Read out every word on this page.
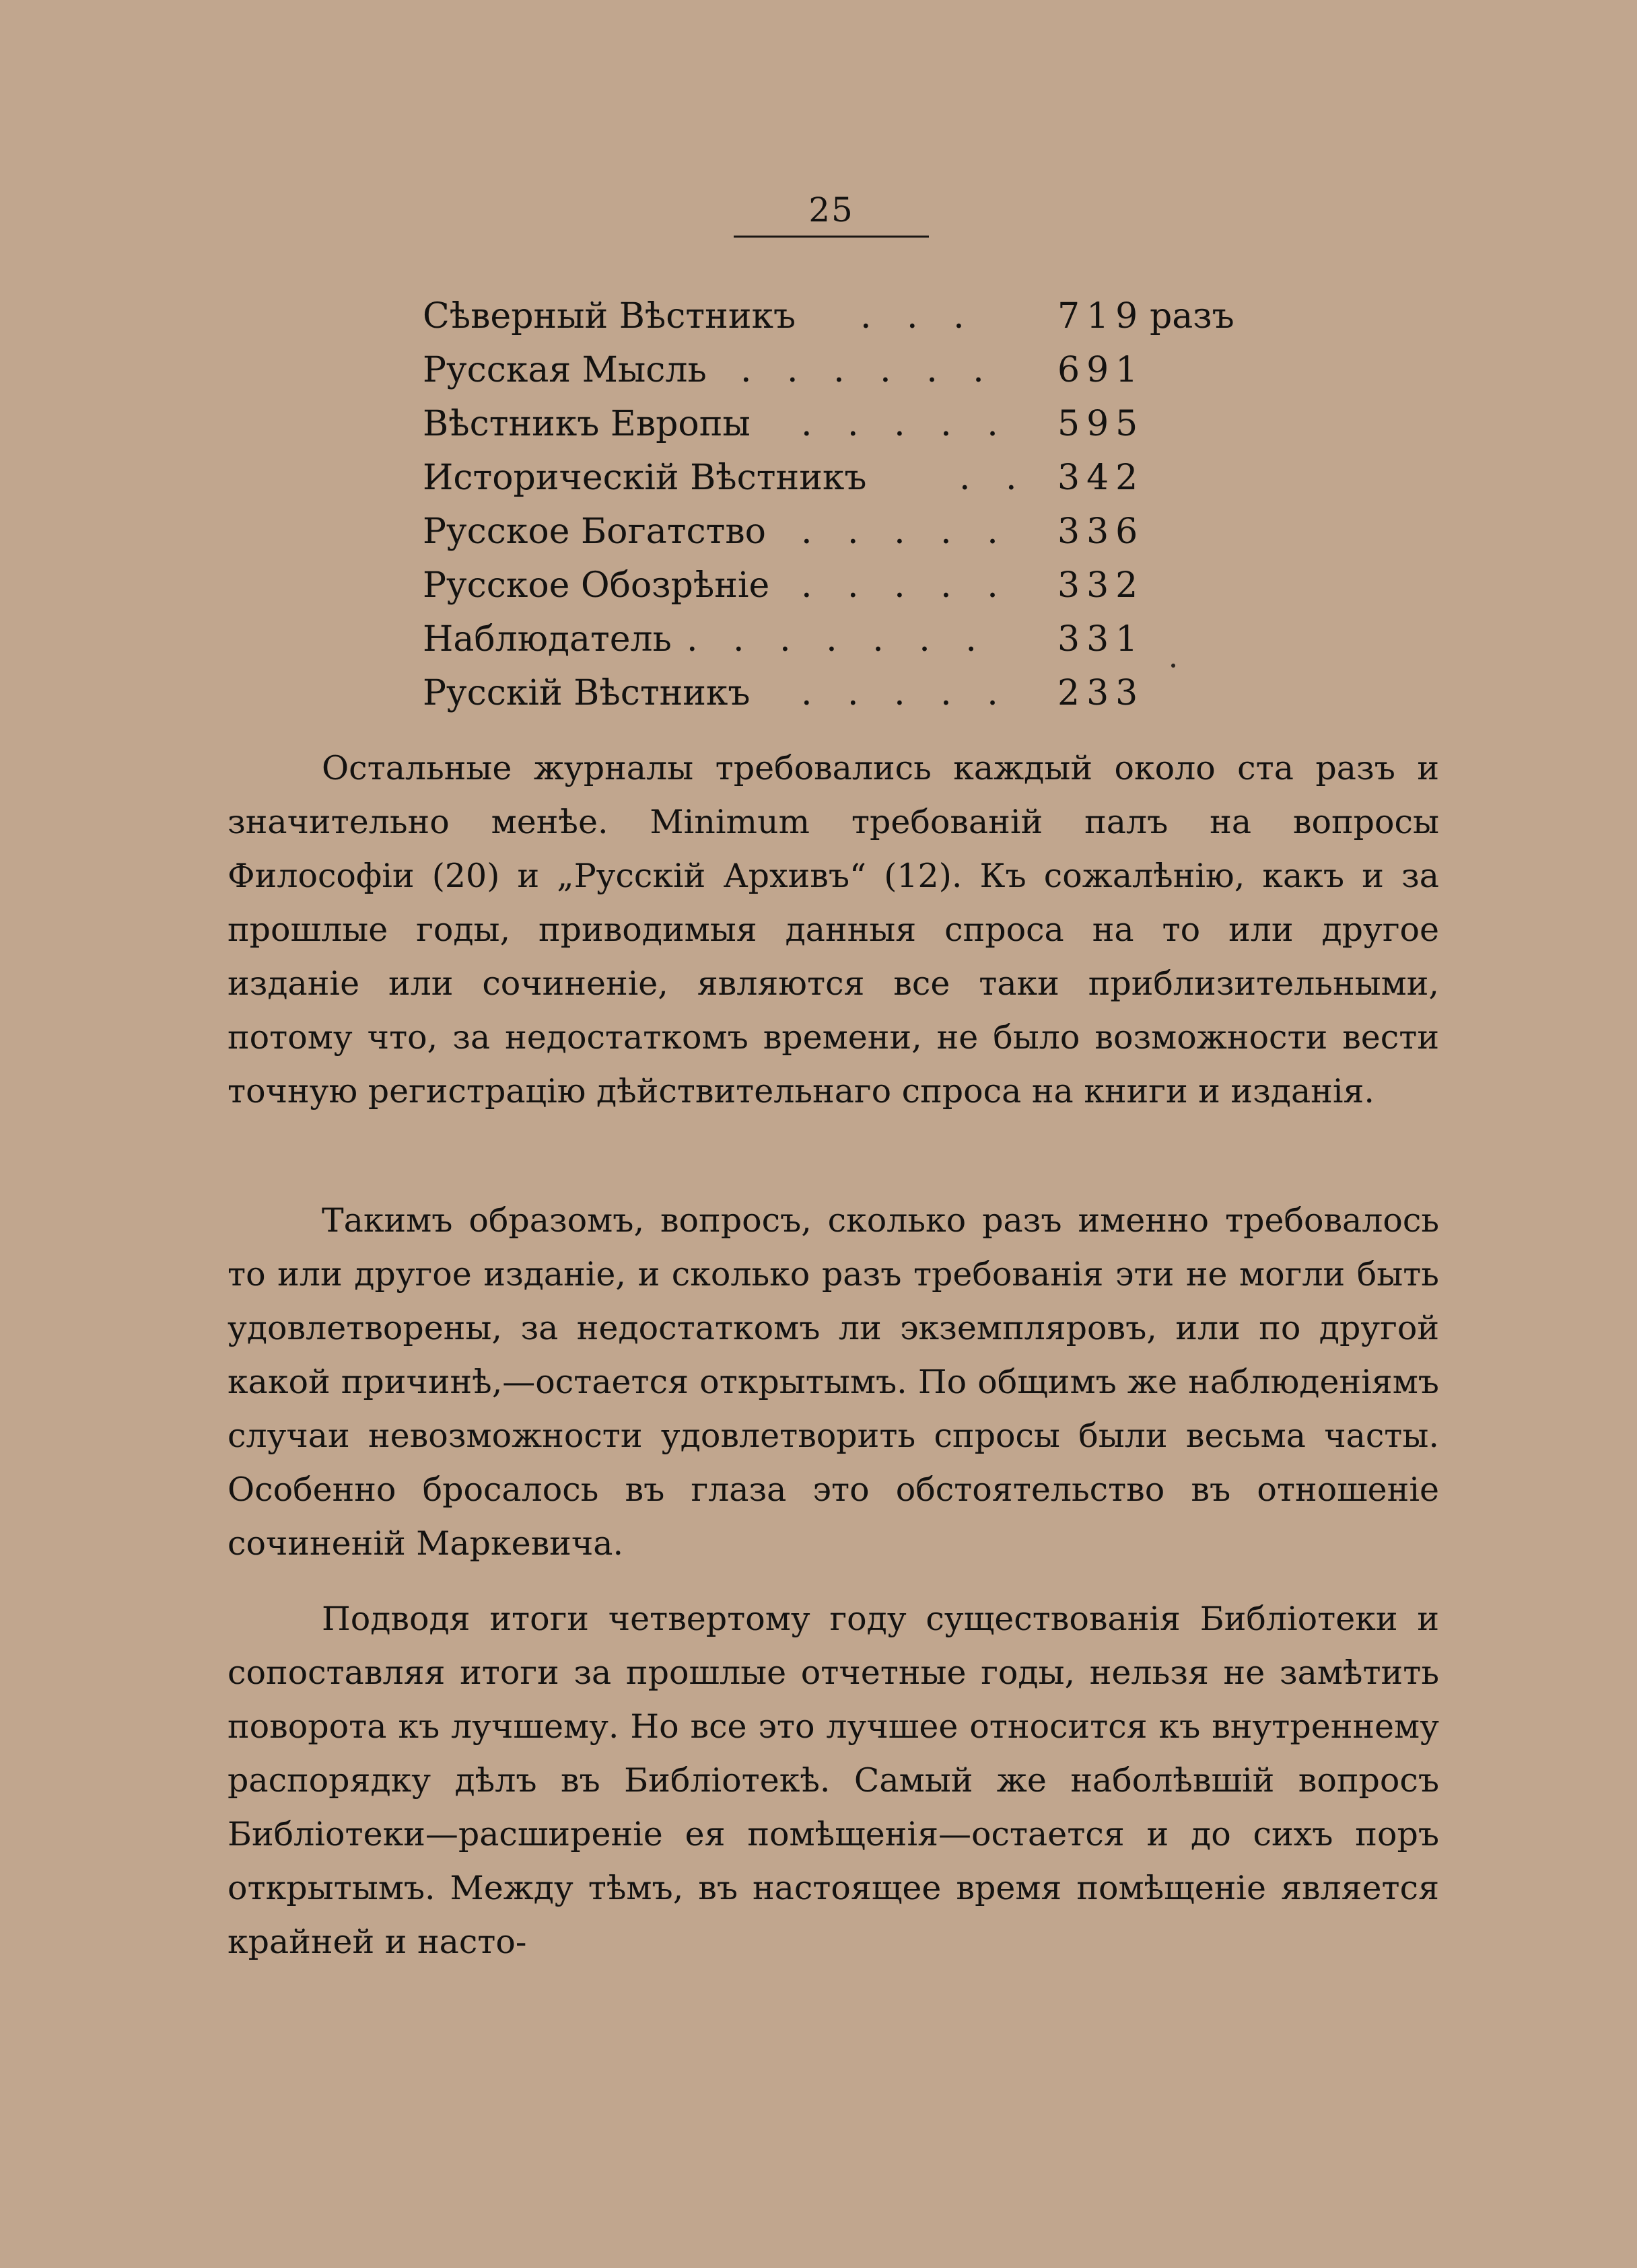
25
Сѣверный Вѣстникъ . . . 719 разъ
Русская Мысль . . . . . . 691
Вѣстникъ Европы . . . . . 595
Историческій Вѣстникъ	. . 342
Русское Богатство . . . . . 336
Русское Обозрѣніе . . . . . 332
Наблюдатель . . . . . . . 331
Русскій Вѣстникъ . . . . . 233
Остальные журналы требовались каждый около ста разъ и значительно менѣе. Minimum требованій палъ на вопросы Философіи (20) и „Русскій Архивъ“ (12). Къ сожалѣнію, какъ и за прошлые годы, приводимыя данныя спроса на то или другое изданіе или сочиненіе, являются все таки приблизительными, потому что, за недостаткомъ времени, не было возможности вести точную регистрацію дѣйствительнаго спроса на книги и изданія.
Такимъ образомъ, вопросъ, сколько разъ именно требовалось то или другое изданіе, и сколько разъ требованія эти не могли быть удовлетворены, за недостаткомъ ли экземпляровъ, или по другой какой причинѣ,—остается открытымъ. По общимъ же наблюденіямъ случаи невозможности удовлетворить спросы были весьма часты. Особенно бросалось въ глаза это обстоятельство въ отношеніе сочиненій Маркевича.
Подводя итоги четвертому году существованія Библіотеки и сопоставляя итоги за прошлые отчетные годы, нельзя не замѣтить поворота къ лучшему. Но все это лучшее относится къ внутреннему распорядку дѣлъ въ Библіотекѣ. Самый же наболѣвшій вопросъ Библіотеки—расширеніе ея помѣщенія—остается и до сихъ поръ открытымъ. Между тѣмъ, въ настоящее время помѣщеніе является крайней и насто-
